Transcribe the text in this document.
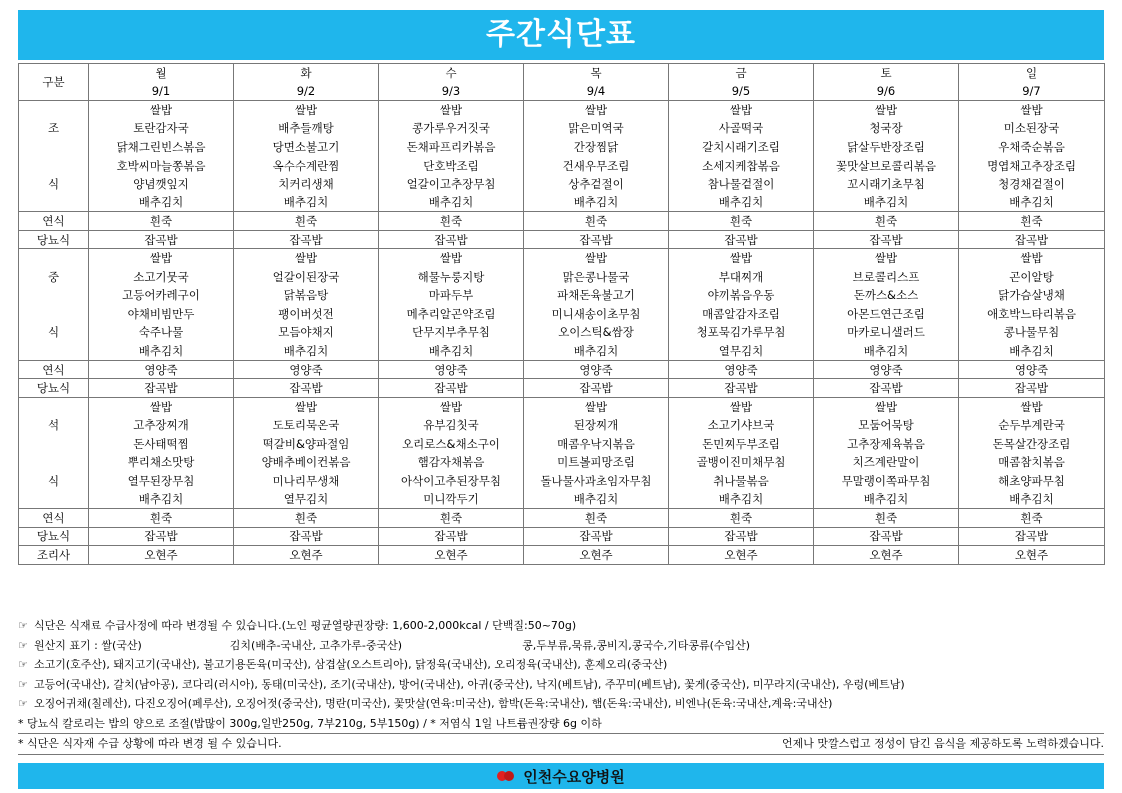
주간식단표
구분	월	화	수	목	금	토	일
	9/1	9/2	9/3	9/4	9/5	9/6	9/7
	쌀밥	쌀밥	쌀밥	쌀밥	쌀밥	쌀밥	쌀밥
조	토란감자국	배추들깨탕	콩가루우거짓국	맑은미역국	사골떡국	청국장	미소된장국
	닭채그린빈스볶음	당면소불고기	돈채파프리카볶음	간장찜닭	갈치시래기조림	닭살두반장조림	우채죽순볶음
	호박씨마늘쫑볶음	옥수수계란찜	단호박조림	건새우무조림	소세지케찹볶음	꽃맛살브로콜리볶음	명엽채고추장조림
식	양념깻잎지	치커리생채	얼갈이고추장무침	상추겉절이	참나물겉절이	꼬시래기초무침	청경채겉절이
	배추김치	배추김치	배추김치	배추김치	배추김치	배추김치	배추김치
연식	흰죽	흰죽	흰죽	흰죽	흰죽	흰죽	흰죽
당뇨식	잡곡밥	잡곡밥	잡곡밥	잡곡밥	잡곡밥	잡곡밥	잡곡밥
	쌀밥	쌀밥	쌀밥	쌀밥	쌀밥	쌀밥	쌀밥
중	소고기뭇국	얼갈이된장국	해물누룽지탕	맑은콩나물국	부대찌개	브로콜리스프	곤이알탕
	고등어카레구이	닭볶음탕	마파두부	파채돈육불고기	야끼볶음우동	돈까스&소스	닭가슴살냉채
	야채비빔만두	팽이버섯전	메추리알곤약조림	미니새송이초무침	매콤알감자조림	아몬드연근조림	애호박느타리볶음
식	숙주나물	모듬야채지	단무지부추무침	오이스틱&쌈장	청포묵김가루무침	마카로니샐러드	콩나물무침
	배추김치	배추김치	배추김치	배추김치	열무김치	배추김치	배추김치
연식	영양죽	영양죽	영양죽	영양죽	영양죽	영양죽	영양죽
당뇨식	잡곡밥	잡곡밥	잡곡밥	잡곡밥	잡곡밥	잡곡밥	잡곡밥
	쌀밥	쌀밥	쌀밥	쌀밥	쌀밥	쌀밥	쌀밥
석	고추장찌개	도토리묵온국	유부김칫국	된장찌개	소고기샤브국	모둠어묵탕	순두부계란국
	돈사태떡찜	떡갈비&양파절임	오리로스&채소구이	매콤우낙지볶음	돈민찌두부조림	고추장제육볶음	돈목살간장조림
	뿌리채소맛탕	양배추베이컨볶음	햄감자채볶음	미트볼피망조림	골뱅이진미채무침	치즈계란말이	매콤참치볶음
식	열무된장무침	미나리무생채	아삭이고추된장무침	돌나물사과초임자무침	취나물볶음	무말랭이쪽파무침	해초양파무침
	배추김치	열무김치	미니깍두기	배추김치	배추김치	배추김치	배추김치
연식	흰죽	흰죽	흰죽	흰죽	흰죽	흰죽	흰죽
당뇨식	잡곡밥	잡곡밥	잡곡밥	잡곡밥	잡곡밥	잡곡밥	잡곡밥
조리사	오현주	오현주	오현주	오현주	오현주	오현주	오현주
☞ 식단은 식재료 수급사정에 따라 변경될 수 있습니다.(노인 평균열량권장량: 1,600-2,000kcal / 단백질:50~70g)
☞ 원산지 표기 : 쌀(국산)	김치(배추-국내산, 고추가루-중국산)	콩,두부류,묵류,콩비지,콩국수,기타콩류(수입산)
☞ 소고기(호주산), 돼지고기(국내산), 불고기용돈육(미국산), 삼겹살(오스트리아), 닭정육(국내산), 오리정육(국내산), 훈제오리(중국산)
☞ 고등어(국내산), 갈치(남아공), 코다리(러시아), 동태(미국산), 조기(국내산), 방어(국내산), 아귀(중국산), 낙지(베트남), 주꾸미(베트남), 꽃게(중국산), 미꾸라지(국내산), 우렁(베트남)
☞ 오징어귀채(칠레산), 다진오징어(페루산), 오징어젓(중국산), 명란(미국산), 꽃맛살(연육:미국산), 함박(돈육:국내산), 햄(돈육:국내산), 비엔나(돈육:국내산,계육:국내산)
* 당뇨식 칼로리는 밥의 양으로 조절(밥많이 300g,일반250g, 7부210g, 5부150g) / * 저염식 1일 나트륨권장량 6g 이하
* 식단은 식자재 수급 상황에 따라 변경 될 수 있습니다.	언제나 맛깔스럽고 정성이 담긴 음식을 제공하도록 노력하겠습니다.
인천수요양병원
